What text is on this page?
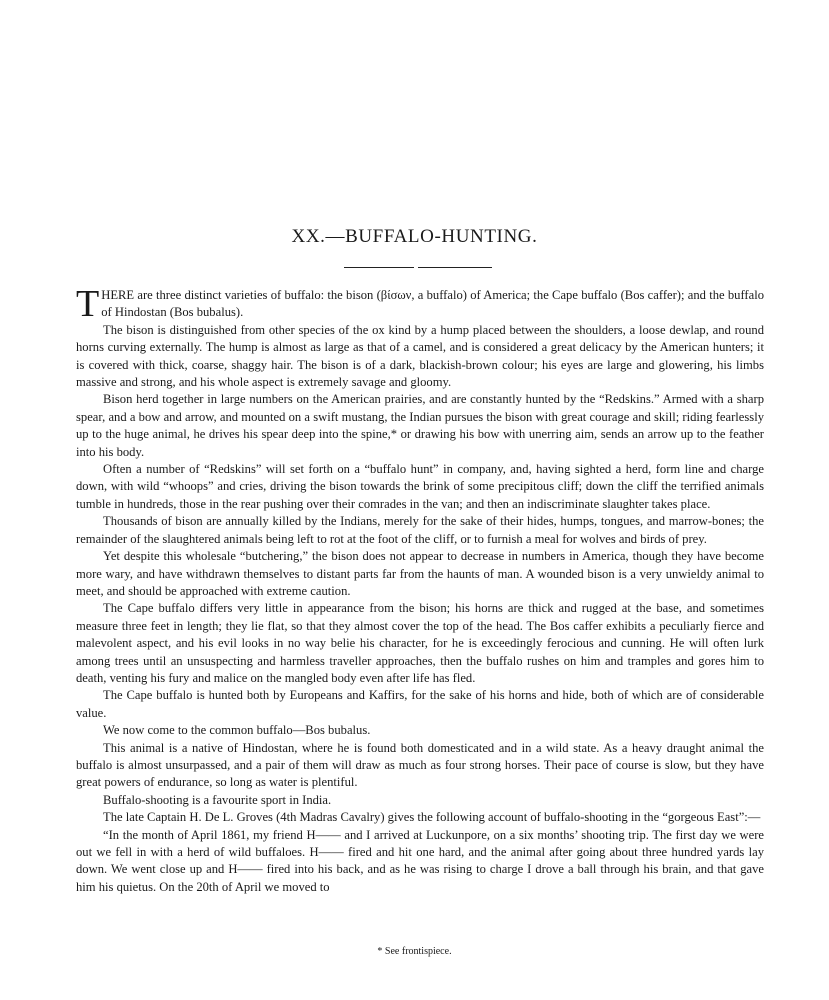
XX.—BUFFALO-HUNTING.

THERE are three distinct varieties of buffalo: the bison (βίσων, a buffalo) of America; the Cape buffalo (Bos caffer); and the buffalo of Hindostan (Bos bubalus).

The bison is distinguished from other species of the ox kind by a hump placed between the shoulders, a loose dewlap, and round horns curving externally. The hump is almost as large as that of a camel, and is considered a great delicacy by the American hunters; it is covered with thick, coarse, shaggy hair. The bison is of a dark, blackish-brown colour; his eyes are large and glowering, his limbs massive and strong, and his whole aspect is extremely savage and gloomy.

Bison herd together in large numbers on the American prairies, and are constantly hunted by the “Redskins.” Armed with a sharp spear, and a bow and arrow, and mounted on a swift mustang, the Indian pursues the bison with great courage and skill; riding fearlessly up to the huge animal, he drives his spear deep into the spine,* or drawing his bow with unerring aim, sends an arrow up to the feather into his body.

Often a number of “Redskins” will set forth on a “buffalo hunt” in company, and, having sighted a herd, form line and charge down, with wild “whoops” and cries, driving the bison towards the brink of some precipitous cliff; down the cliff the terrified animals tumble in hundreds, those in the rear pushing over their comrades in the van; and then an indiscriminate slaughter takes place.

Thousands of bison are annually killed by the Indians, merely for the sake of their hides, humps, tongues, and marrow-bones; the remainder of the slaughtered animals being left to rot at the foot of the cliff, or to furnish a meal for wolves and birds of prey.

Yet despite this wholesale “butchering,” the bison does not appear to decrease in numbers in America, though they have become more wary, and have withdrawn themselves to distant parts far from the haunts of man. A wounded bison is a very unwieldy animal to meet, and should be approached with extreme caution.

The Cape buffalo differs very little in appearance from the bison; his horns are thick and rugged at the base, and sometimes measure three feet in length; they lie flat, so that they almost cover the top of the head. The Bos caffer exhibits a peculiarly fierce and malevolent aspect, and his evil looks in no way belie his character, for he is exceedingly ferocious and cunning. He will often lurk among trees until an unsuspecting and harmless traveller approaches, then the buffalo rushes on him and tramples and gores him to death, venting his fury and malice on the mangled body even after life has fled.

The Cape buffalo is hunted both by Europeans and Kaffirs, for the sake of his horns and hide, both of which are of considerable value.

We now come to the common buffalo—Bos bubalus.

This animal is a native of Hindostan, where he is found both domesticated and in a wild state. As a heavy draught animal the buffalo is almost unsurpassed, and a pair of them will draw as much as four strong horses. Their pace of course is slow, but they have great powers of endurance, so long as water is plentiful.

Buffalo-shooting is a favourite sport in India.

The late Captain H. De L. Groves (4th Madras Cavalry) gives the following account of buffalo-shooting in the “gorgeous East”:—

“In the month of April 1861, my friend H—— and I arrived at Luckunpore, on a six months’ shooting trip. The first day we were out we fell in with a herd of wild buffaloes. H—— fired and hit one hard, and the animal after going about three hundred yards lay down. We went close up and H—— fired into his back, and as he was rising to charge I drove a ball through his brain, and that gave him his quietus. On the 20th of April we moved to

* See frontispiece.
